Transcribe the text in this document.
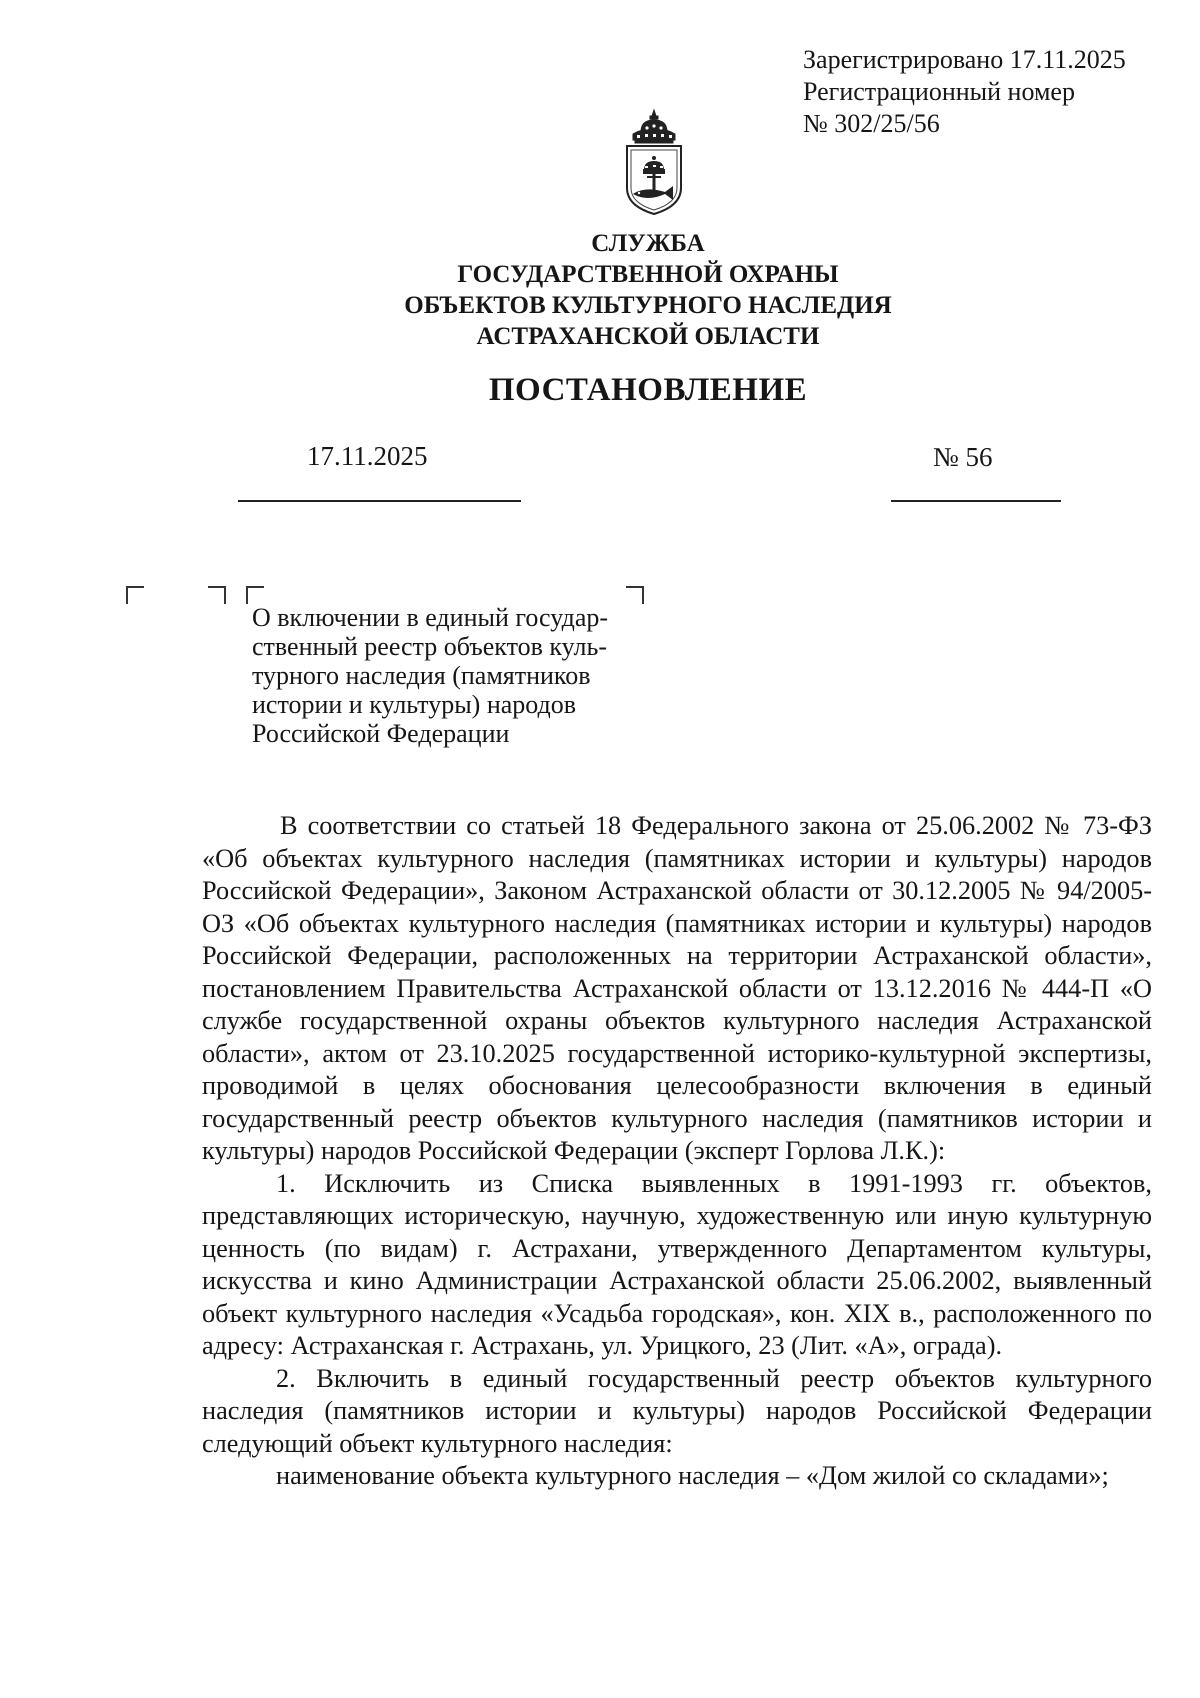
Зарегистрировано 17.11.2025
Регистрационный номер
№ 302/25/56
СЛУЖБА
ГОСУДАРСТВЕННОЙ ОХРАНЫ
ОБЪЕКТОВ КУЛЬТУРНОГО НАСЛЕДИЯ
АСТРАХАНСКОЙ ОБЛАСТИ
ПОСТАНОВЛЕНИЕ
17.11.2025	№ 56
О включении в единый государ-
ственный реестр объектов куль-
турного наследия (памятников
истории и культуры) народов
Российской Федерации

В соответствии со статьей 18 Федерального закона от 25.06.2002 № 73-ФЗ «Об объектах культурного наследия (памятниках истории и культуры) народов Российской Федерации», Законом Астраханской области от 30.12.2005 № 94/2005-ОЗ «Об объектах культурного наследия (памятниках истории и культуры) народов Российской Федерации, расположенных на территории Астраханской области», постановлением Правительства Астраханской области от 13.12.2016 № 444-П «О службе государственной охраны объектов культурного наследия Астраханской области», актом от 23.10.2025 государственной историко-культурной экспертизы, проводимой в целях обоснования целесообразности включения в единый государственный реестр объектов культурного наследия (памятников истории и культуры) народов Российской Федерации (эксперт Горлова Л.К.):

1. Исключить из Списка выявленных в 1991-1993 гг. объектов, представляющих историческую, научную, художественную или иную культурную ценность (по видам) г. Астрахани, утвержденного Департаментом культуры, искусства и кино Администрации Астраханской области 25.06.2002, выявленный объект культурного наследия «Усадьба городская», кон. XIX в., расположенного по адресу: Астраханская г. Астрахань, ул. Урицкого, 23 (Лит. «А», ограда).

2. Включить в единый государственный реестр объектов культурного наследия (памятников истории и культуры) народов Российской Федерации следующий объект культурного наследия:

наименование объекта культурного наследия – «Дом жилой со складами»;
